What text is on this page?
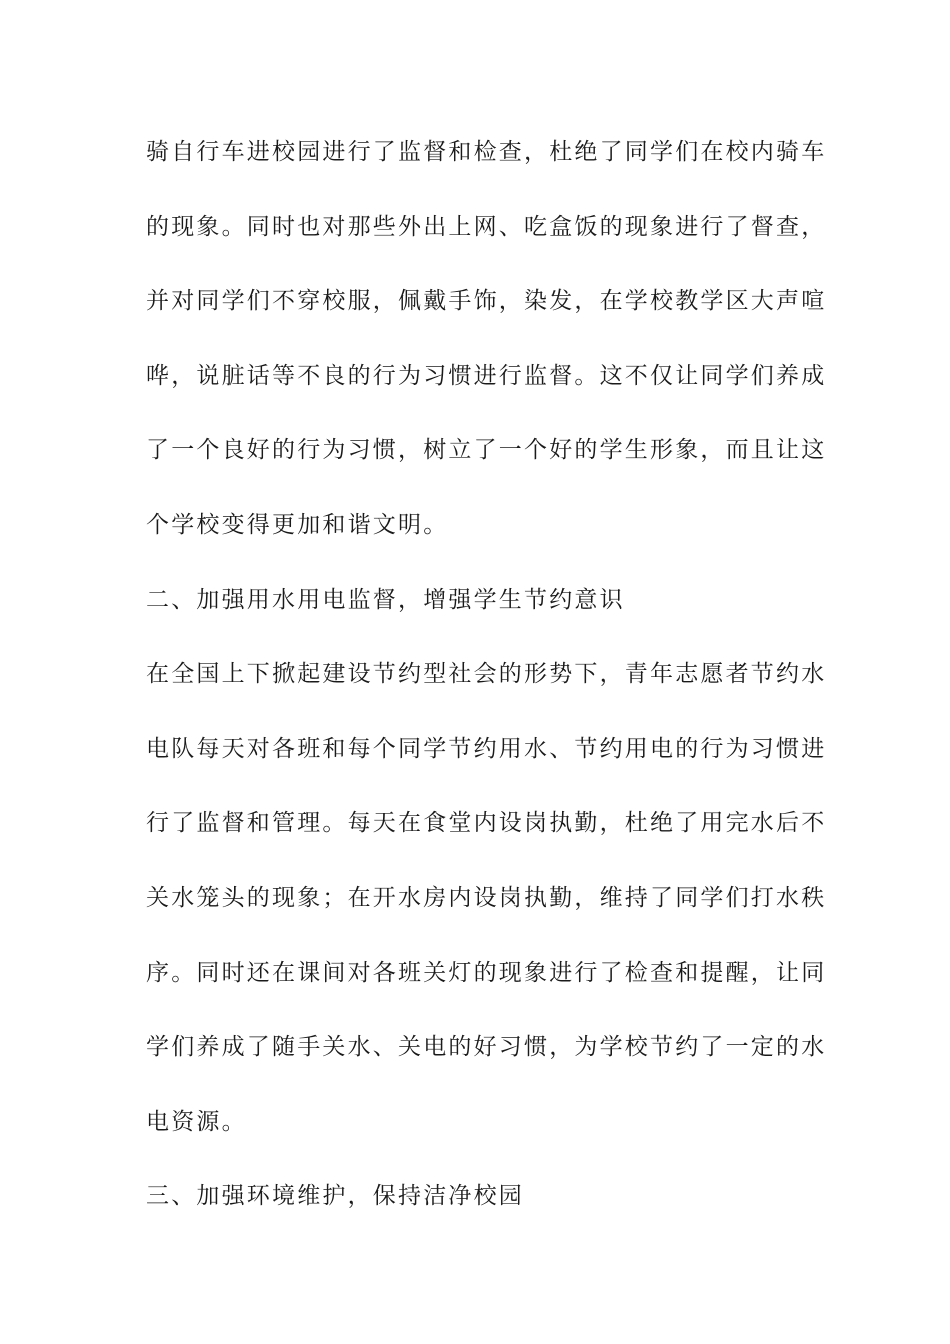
骑自行车进校园进行了监督和检查，杜绝了同学们在校内骑车
的现象。同时也对那些外出上网、吃盒饭的现象进行了督查，
并对同学们不穿校服，佩戴手饰，染发，在学校教学区大声喧
哗，说脏话等不良的行为习惯进行监督。这不仅让同学们养成
了一个良好的行为习惯，树立了一个好的学生形象，而且让这
个学校变得更加和谐文明。
二、加强用水用电监督，增强学生节约意识
在全国上下掀起建设节约型社会的形势下，青年志愿者节约水
电队每天对各班和每个同学节约用水、节约用电的行为习惯进
行了监督和管理。每天在食堂内设岗执勤，杜绝了用完水后不
关水笼头的现象；在开水房内设岗执勤，维持了同学们打水秩
序。同时还在课间对各班关灯的现象进行了检查和提醒，让同
学们养成了随手关水、关电的好习惯，为学校节约了一定的水
电资源。
三、加强环境维护，保持洁净校园
